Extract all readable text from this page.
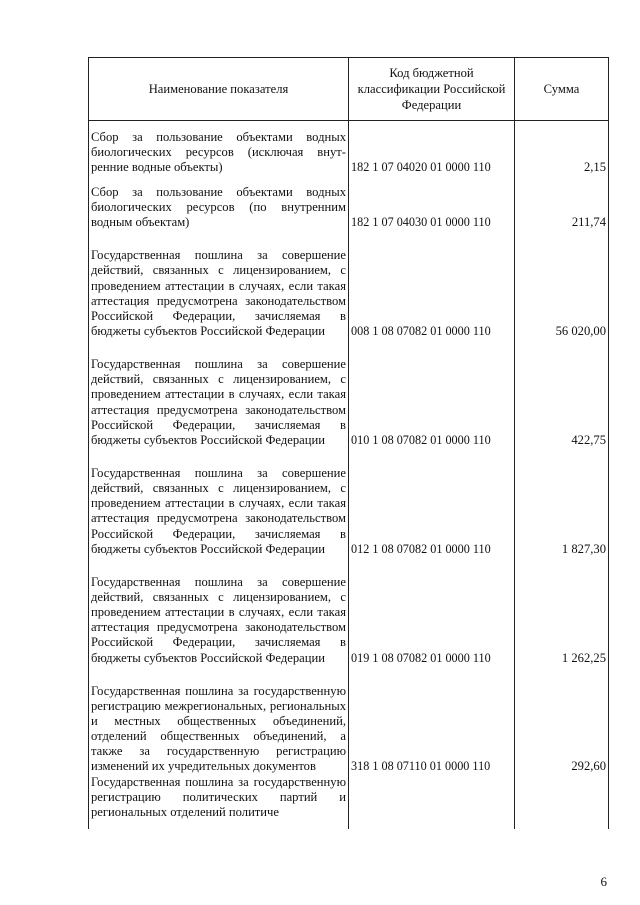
Наименование показателя	Код бюджетной классификации Российской Федерации	Сумма
Сбор за пользование объектами водных биологических ресурсов (исключая внутренние водные объекты)	182 1 07 04020 01 0000 110	2,15
Сбор за пользование объектами водных биологических ресурсов (по внутренним водным объектам)	182 1 07 04030 01 0000 110	211,74
Государственная пошлина за совершение действий, связанных с лицензированием, с проведением аттестации в случаях, если такая аттестация предусмотрена законодательством Российской Федерации, зачисляемая в бюджеты субъектов Российской Федерации	008 1 08 07082 01 0000 110	56 020,00
Государственная пошлина за совершение действий, связанных с лицензированием, с проведением аттестации в случаях, если такая аттестация предусмотрена законодательством Российской Федерации, зачисляемая в бюджеты субъектов Российской Федерации	010 1 08 07082 01 0000 110	422,75
Государственная пошлина за совершение действий, связанных с лицензированием, с проведением аттестации в случаях, если такая аттестация предусмотрена законодательством Российской Федерации, зачисляемая в бюджеты субъектов Российской Федерации	012 1 08 07082 01 0000 110	1 827,30
Государственная пошлина за совершение действий, связанных с лицензированием, с проведением аттестации в случаях, если такая аттестация предусмотрена законодательством Российской Федерации, зачисляемая в бюджеты субъектов Российской Федерации	019 1 08 07082 01 0000 110	1 262,25
Государственная пошлина за государственную регистрацию межрегиональных, региональных и местных общественных объединений, отделений общественных объединений, а также за государственную регистрацию изменений их учредительных документов	318 1 08 07110 01 0000 110	292,60
Государственная пошлина за государственную регистрацию политических партий и региональных отделений политиче		
6
